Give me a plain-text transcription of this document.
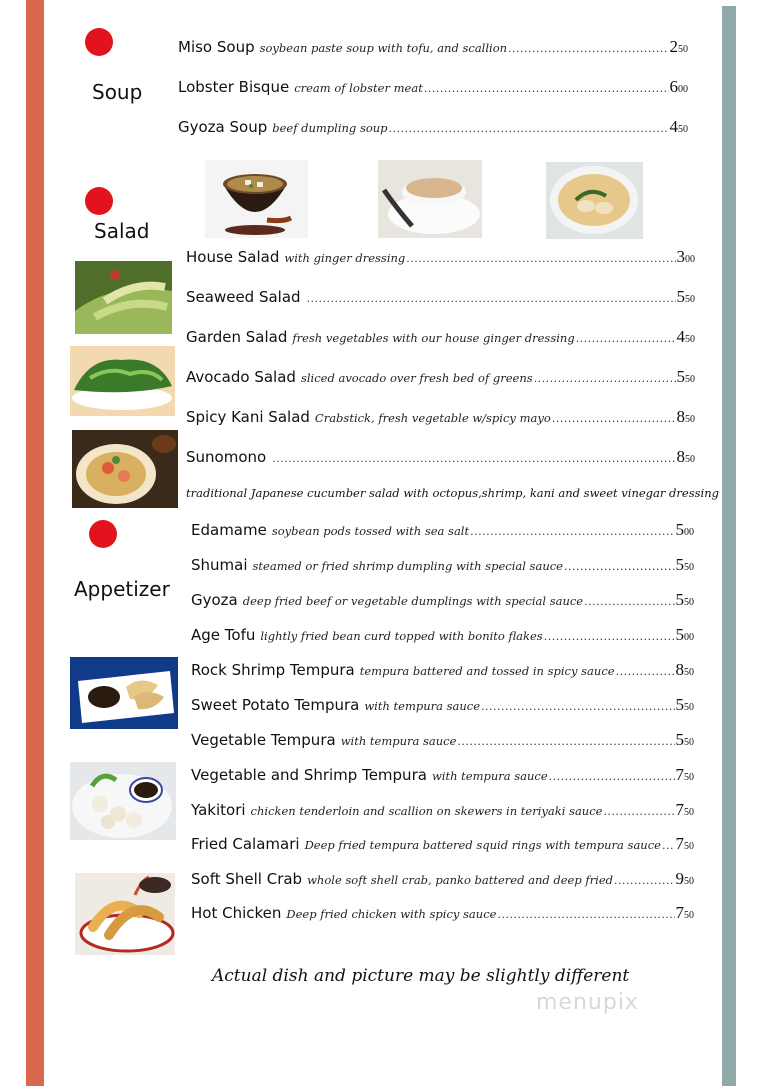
Soup
Miso Soup soybean paste soup with tofu, and scallion .....	2 50
Lobster Bisque cream of lobster meat .....	6 00
Gyoza Soup beef dumpling soup .....	4 50
Salad
House Salad with ginger dressing .....	3 00
Seaweed Salad .....	5 50
Garden Salad fresh vegetables with our house ginger dressing .....	4 50
Avocado Salad sliced avocado over fresh bed of greens .....	5 50
Spicy Kani Salad Crabstick, fresh vegetable w/spicy mayo .....	8 50
Sunomono .....	8 50
traditional Japanese cucumber salad with octopus,shrimp, kani and sweet vinegar dressing
Appetizer
Edamame soybean pods tossed with sea salt .....	5 00
Shumai steamed or fried shrimp dumpling with special sauce .....	5 50
Gyoza deep fried beef or vegetable dumplings with special sauce .....	5 50
Age Tofu lightly fried bean curd topped with bonito flakes .....	5 00
Rock Shrimp Tempura tempura battered and tossed in spicy sauce .....	8 50
Sweet Potato Tempura with tempura sauce .....	5 50
Vegetable Tempura with tempura sauce .....	5 50
Vegetable and Shrimp Tempura with tempura sauce .....	7 50
Yakitori chicken tenderloin and scallion on skewers in teriyaki sauce .....	7 50
Fried Calamari Deep fried tempura battered squid rings with tempura sauce ..... 7 50
Soft Shell Crab whole soft shell crab, panko battered and deep fried .....	9 50
Hot Chicken Deep fried chicken with spicy sauce .....	7 50
Actual dish and picture may be slightly different
menupix
